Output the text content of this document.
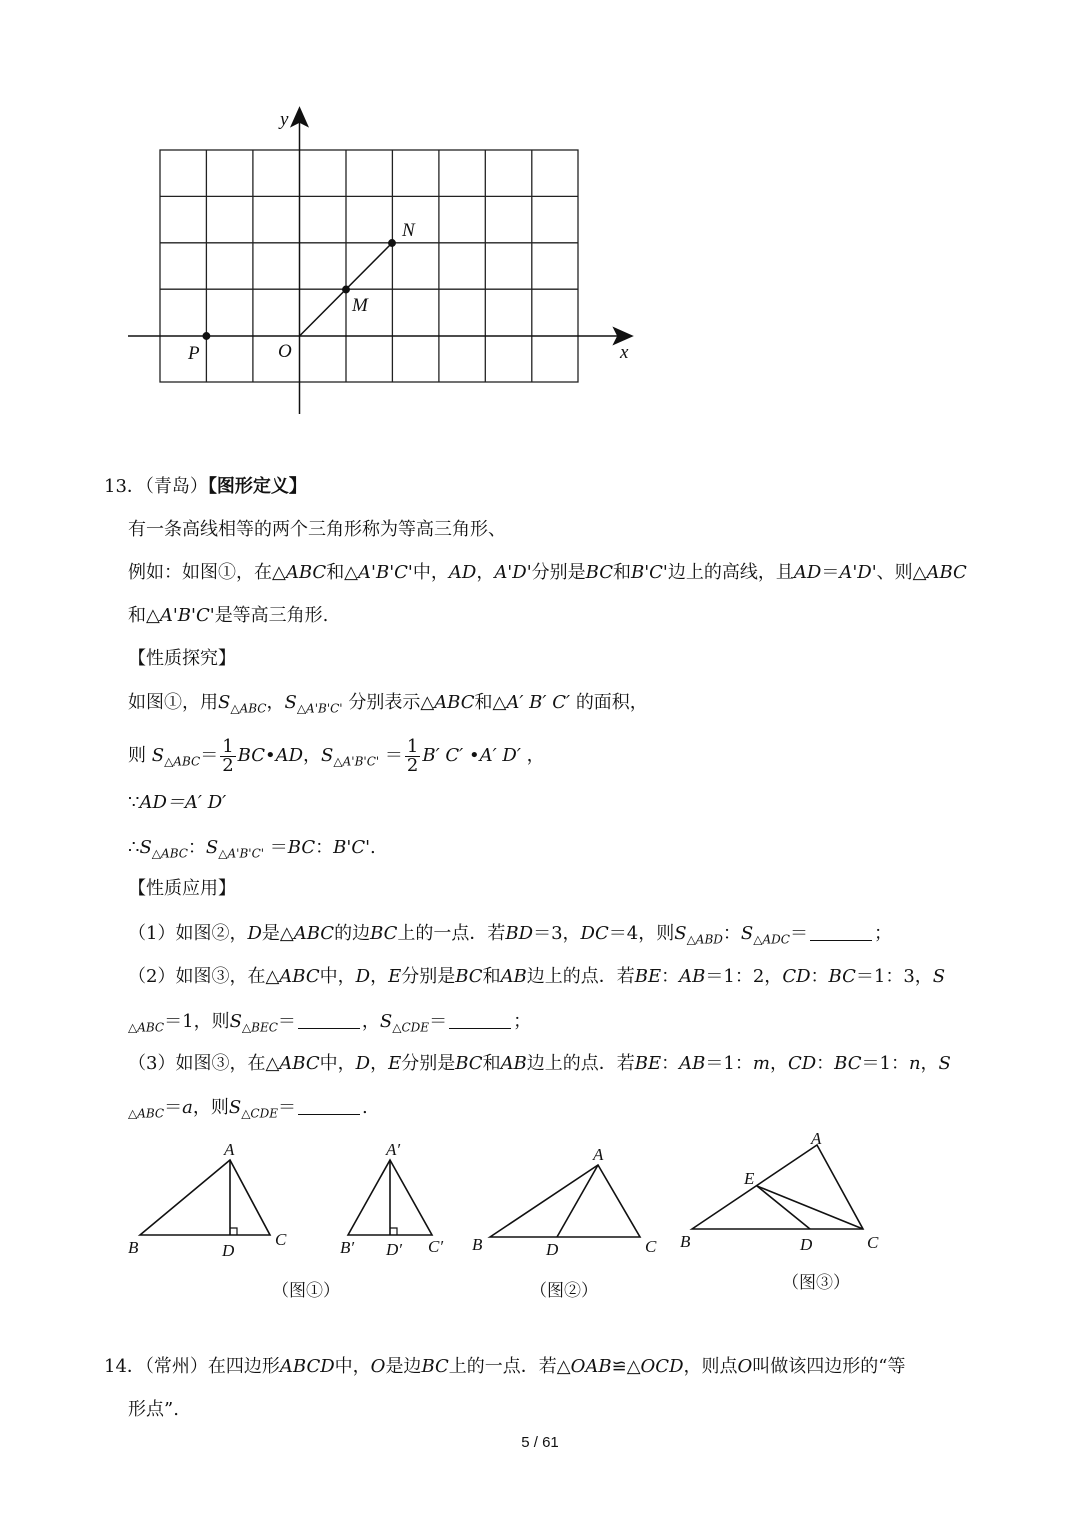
y
x
N
M
P	O
13．（青岛）【图形定义】
有一条高线相等的两个三角形称为等高三角形、
例如：如图①，在△ABC和△A'B'C'中，AD，A'D'分别是BC和B'C'边上的高线，且AD＝A'D'、则△ABC
和△A'B'C'是等高三角形.
【性质探究】
如图①，用$S_{\triangle ABC}$，$S_{\triangle A'B'C'}$ 分别表示△ABC和△A′ B′ C′ 的面积，
则 $S_{\triangle ABC}= \frac{1}{2}$ BC•AD，$S_{\triangle A'B'C'} = \frac{1}{2} B'$ C′ •A′ D′ ，
∵AD＝A′ D′
$\therefore S_{\triangle ABC}$：$S_{\triangle A'B'C'} =BC$：B'C'.
【性质应用】
（1）如图②，D是△ABC的边BC上的一点．若BD＝3，DC＝4，则$S_{\triangle ABD}$：$S_{\triangle ADC}=$	；
（2）如图③，在△ABC中，D，E分别是BC和AB边上的点．若BE：AB＝1：2，CD：BC＝1：3，S
$_{\triangle ABC}$＝1，则$S_{\triangle BEC}=$	，$S_{\triangle CDE}=$	；
（3）如图③，在△ABC中，D，E分别是BC和AB边上的点．若BE：AB＝1：m，CD：BC＝1：n，S
$_{\triangle ABC}$＝a，则$S_{\triangle CDE}=$	.
A
B	C
D
A′
B′	C′
D′
A
B	C
D
A
B	C
D
E
（图①）	（图②）	（图③）
14．（常州）在四边形ABCD中，O是边BC上的一点．若△OAB≌△OCD，则点O叫做该四边形的“等
形点”.
5 / 61
